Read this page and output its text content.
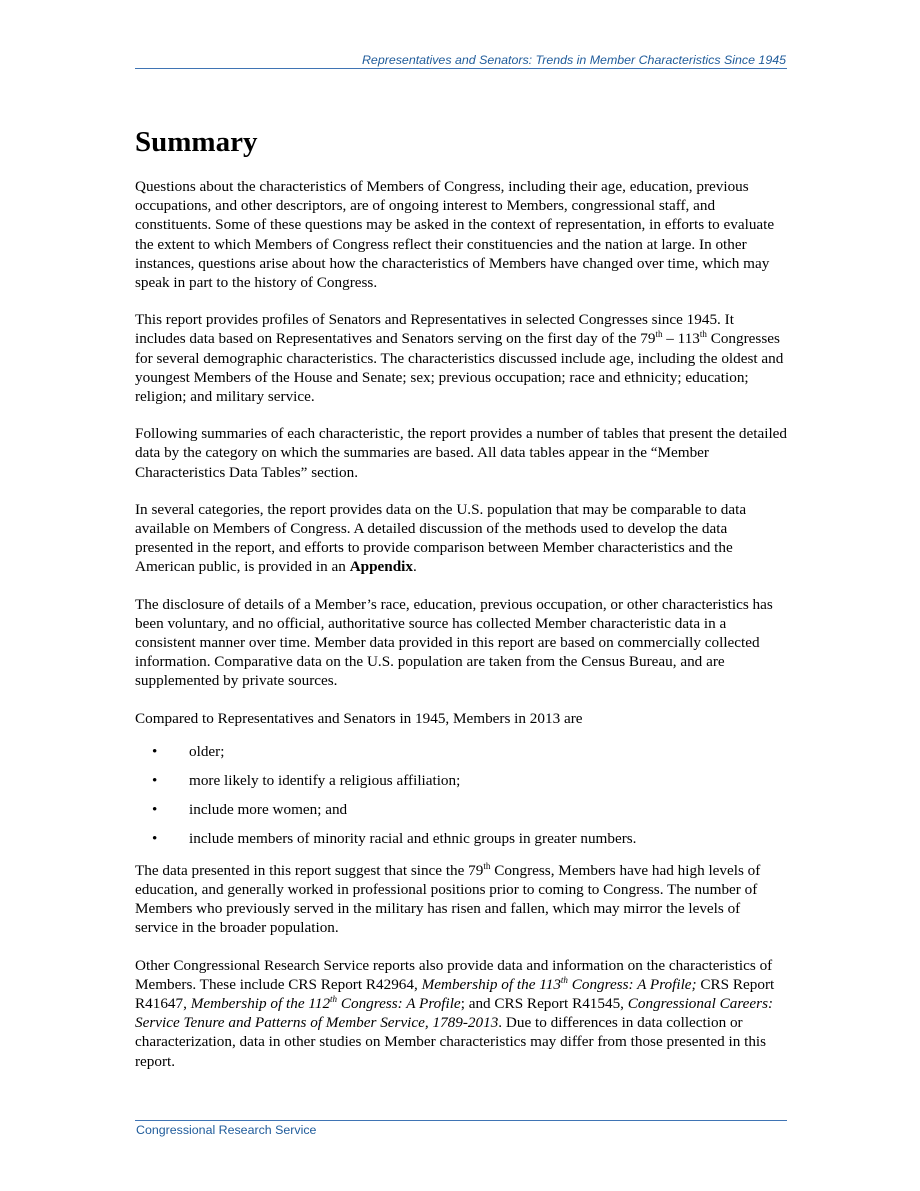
Representatives and Senators: Trends in Member Characteristics Since 1945
Summary

Questions about the characteristics of Members of Congress, including their age, education, previous occupations, and other descriptors, are of ongoing interest to Members, congressional staff, and constituents. Some of these questions may be asked in the context of representation, in efforts to evaluate the extent to which Members of Congress reflect their constituencies and the nation at large. In other instances, questions arise about how the characteristics of Members have changed over time, which may speak in part to the history of Congress.

This report provides profiles of Senators and Representatives in selected Congresses since 1945. It includes data based on Representatives and Senators serving on the first day of the 79th – 113th Congresses for several demographic characteristics. The characteristics discussed include age, including the oldest and youngest Members of the House and Senate; sex; previous occupation; race and ethnicity; education; religion; and military service.

Following summaries of each characteristic, the report provides a number of tables that present the detailed data by the category on which the summaries are based. All data tables appear in the “Member Characteristics Data Tables” section.

In several categories, the report provides data on the U.S. population that may be comparable to data available on Members of Congress. A detailed discussion of the methods used to develop the data presented in the report, and efforts to provide comparison between Member characteristics and the American public, is provided in an Appendix.

The disclosure of details of a Member’s race, education, previous occupation, or other characteristics has been voluntary, and no official, authoritative source has collected Member characteristic data in a consistent manner over time. Member data provided in this report are based on commercially collected information. Comparative data on the U.S. population are taken from the Census Bureau, and are supplemented by private sources.

Compared to Representatives and Senators in 1945, Members in 2013 are

• older;
• more likely to identify a religious affiliation;
• include more women; and
• include members of minority racial and ethnic groups in greater numbers.

The data presented in this report suggest that since the 79th Congress, Members have had high levels of education, and generally worked in professional positions prior to coming to Congress. The number of Members who previously served in the military has risen and fallen, which may mirror the levels of service in the broader population.

Other Congressional Research Service reports also provide data and information on the characteristics of Members. These include CRS Report R42964, Membership of the 113th Congress: A Profile; CRS Report R41647, Membership of the 112th Congress: A Profile; and CRS Report R41545, Congressional Careers: Service Tenure and Patterns of Member Service, 1789-2013. Due to differences in data collection or characterization, data in other studies on Member characteristics may differ from those presented in this report.

Congressional Research Service
